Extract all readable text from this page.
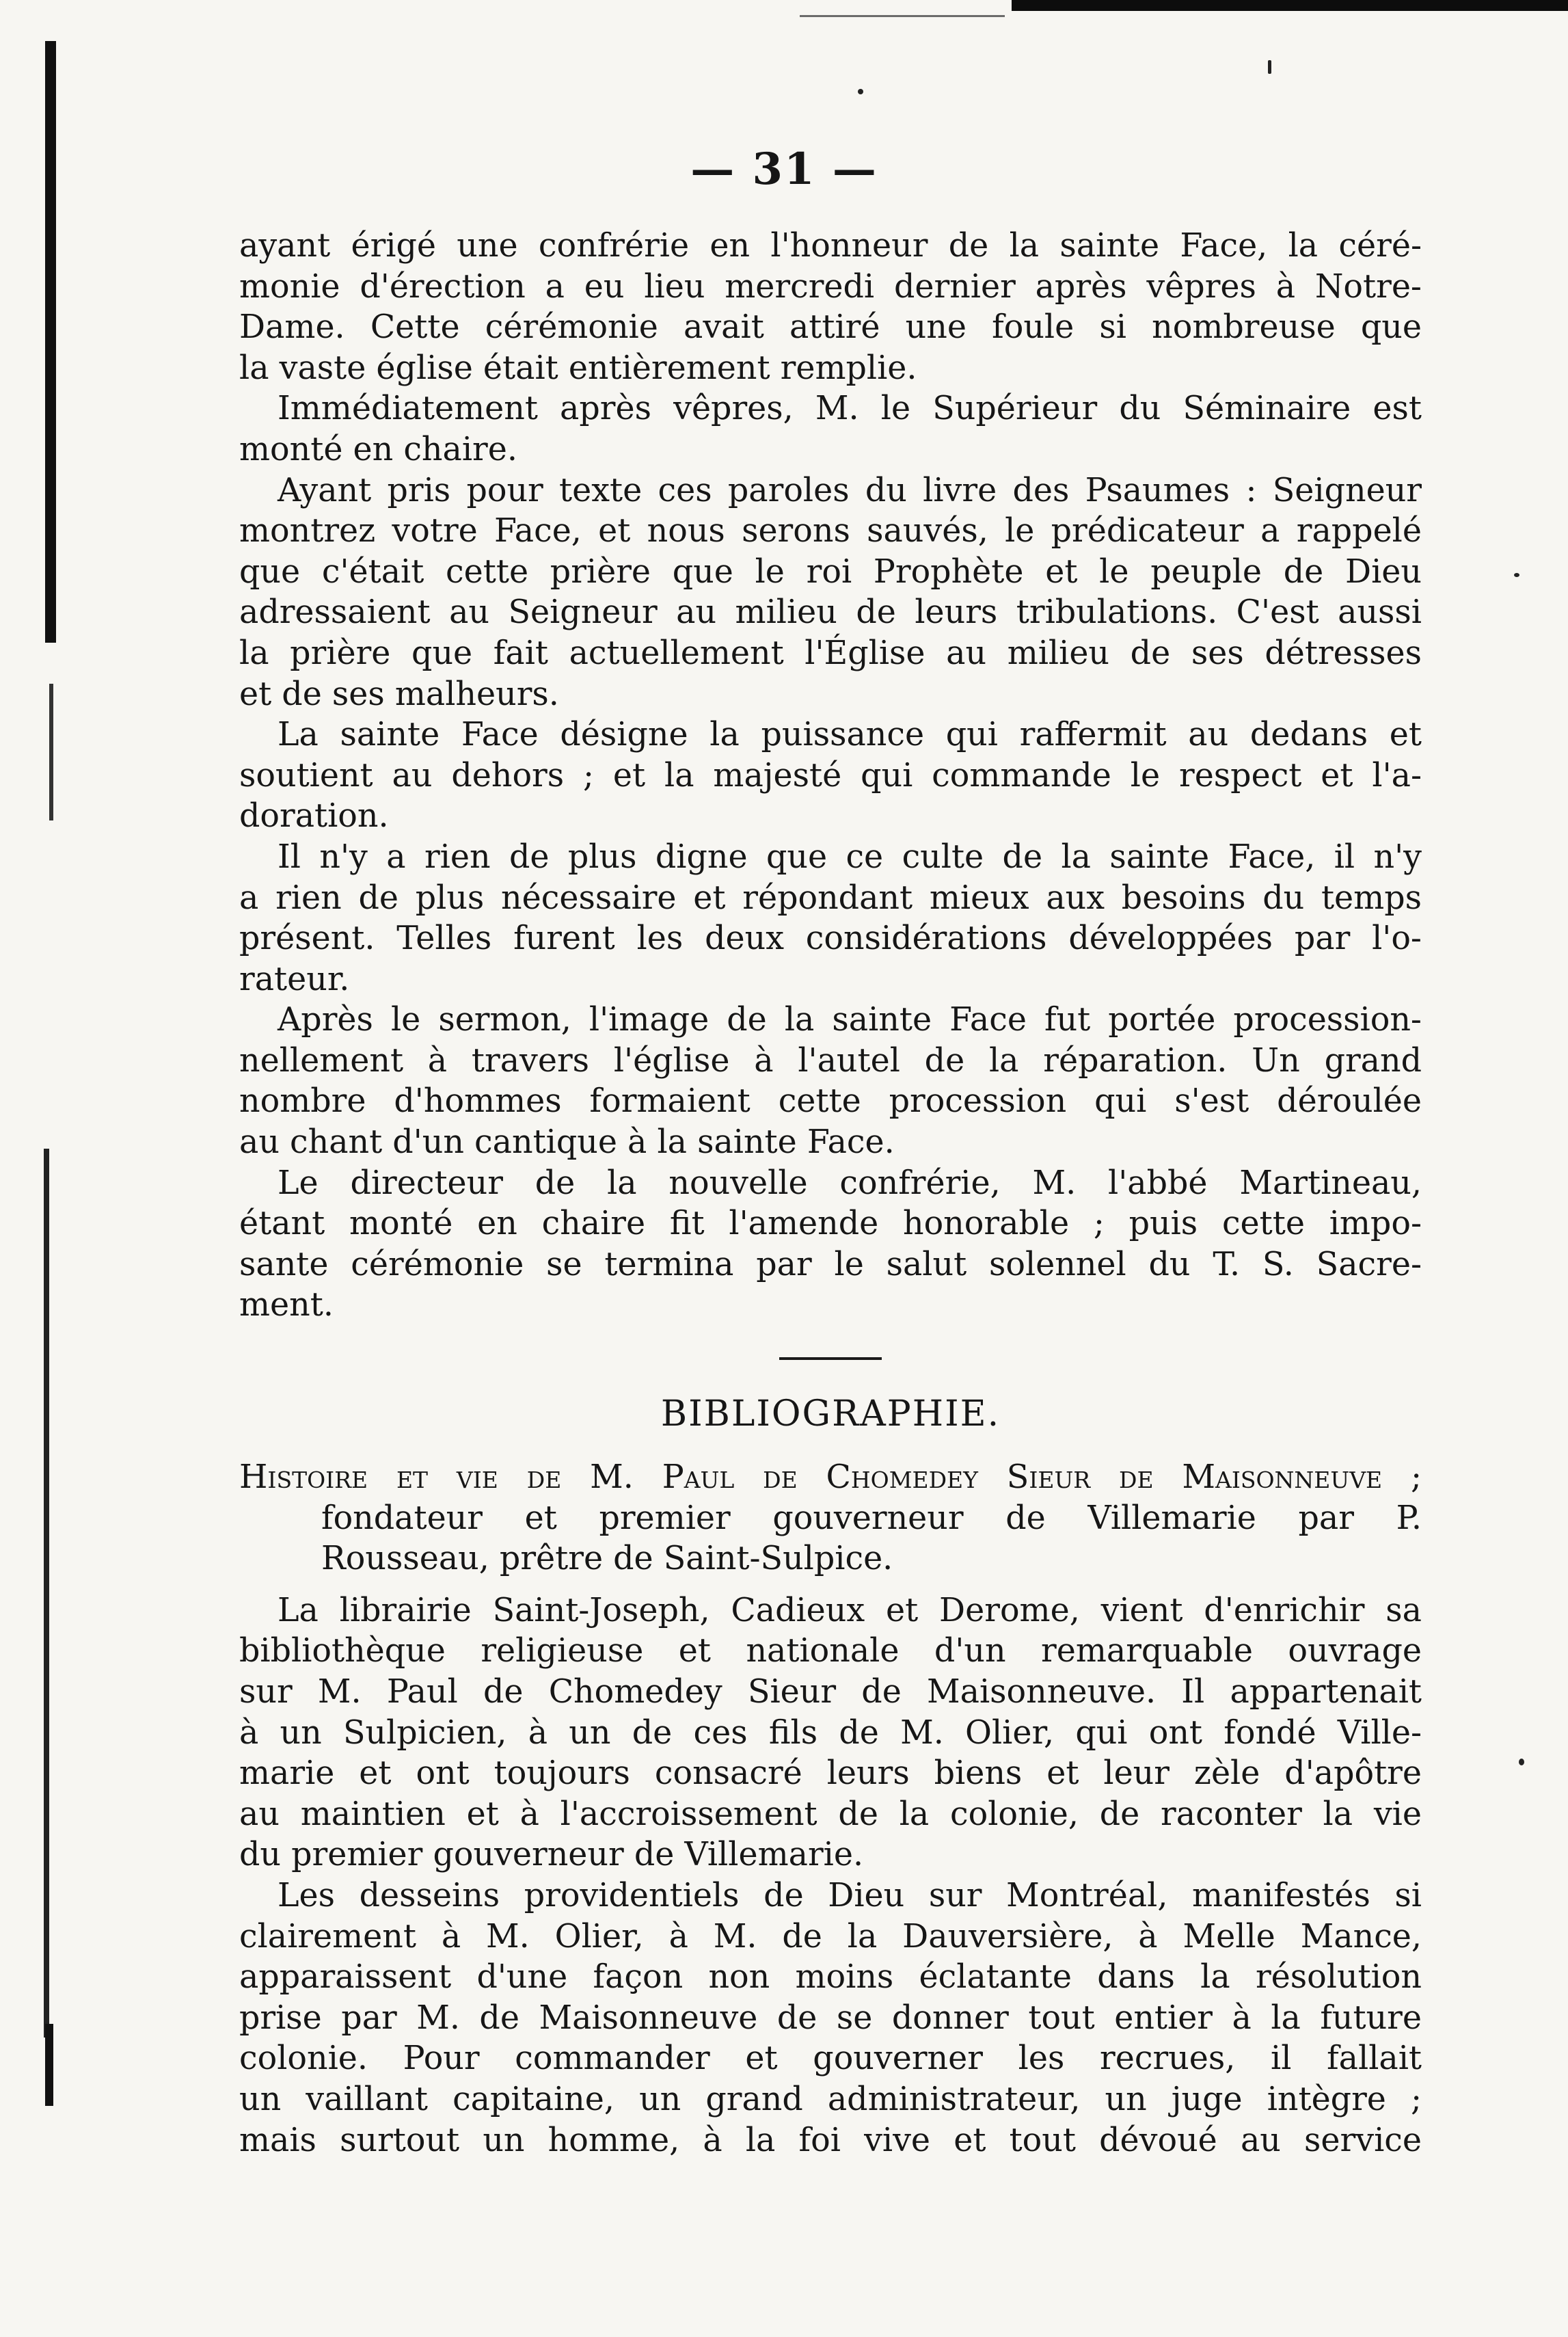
— 31 —
ayant érigé une confrérie en l'honneur de la sainte Face, la céré-
monie d'érection a eu lieu mercredi dernier après vêpres à Notre-
Dame. Cette cérémonie avait attiré une foule si nombreuse que
la vaste église était entièrement remplie.
Immédiatement après vêpres, M. le Supérieur du Séminaire est
monté en chaire.
Ayant pris pour texte ces paroles du livre des Psaumes : Seigneur
montrez votre Face, et nous serons sauvés, le prédicateur a rappelé
que c'était cette prière que le roi Prophète et le peuple de Dieu
adressaient au Seigneur au milieu de leurs tribulations. C'est aussi
la prière que fait actuellement l'Église au milieu de ses détresses
et de ses malheurs.
La sainte Face désigne la puissance qui raffermit au dedans et
soutient au dehors ; et la majesté qui commande le respect et l'a-
doration.
Il n'y a rien de plus digne que ce culte de la sainte Face, il n'y
a rien de plus nécessaire et répondant mieux aux besoins du temps
présent. Telles furent les deux considérations développées par l'o-
rateur.
Après le sermon, l'image de la sainte Face fut portée procession-
nellement à travers l'église à l'autel de la réparation. Un grand
nombre d'hommes formaient cette procession qui s'est déroulée
au chant d'un cantique à la sainte Face.
Le directeur de la nouvelle confrérie, M. l'abbé Martineau,
étant monté en chaire fit l'amende honorable ; puis cette impo-
sante cérémonie se termina par le salut solennel du T. S. Sacre-
ment.
BIBLIOGRAPHIE.
Histoire et vie de M. Paul de Chomedey Sieur de Maisonneuve ;
fondateur et premier gouverneur de Villemarie par P.
Rousseau, prêtre de Saint-Sulpice.
La librairie Saint-Joseph, Cadieux et Derome, vient d'enrichir sa
bibliothèque religieuse et nationale d'un remarquable ouvrage
sur M. Paul de Chomedey Sieur de Maisonneuve. Il appartenait
à un Sulpicien, à un de ces fils de M. Olier, qui ont fondé Ville-
marie et ont toujours consacré leurs biens et leur zèle d'apôtre
au maintien et à l'accroissement de la colonie, de raconter la vie
du premier gouverneur de Villemarie.
Les desseins providentiels de Dieu sur Montréal, manifestés si
clairement à M. Olier, à M. de la Dauversière, à Melle Mance,
apparaissent d'une façon non moins éclatante dans la résolution
prise par M. de Maisonneuve de se donner tout entier à la future
colonie. Pour commander et gouverner les recrues, il fallait
un vaillant capitaine, un grand administrateur, un juge intègre ;
mais surtout un homme, à la foi vive et tout dévoué au service
